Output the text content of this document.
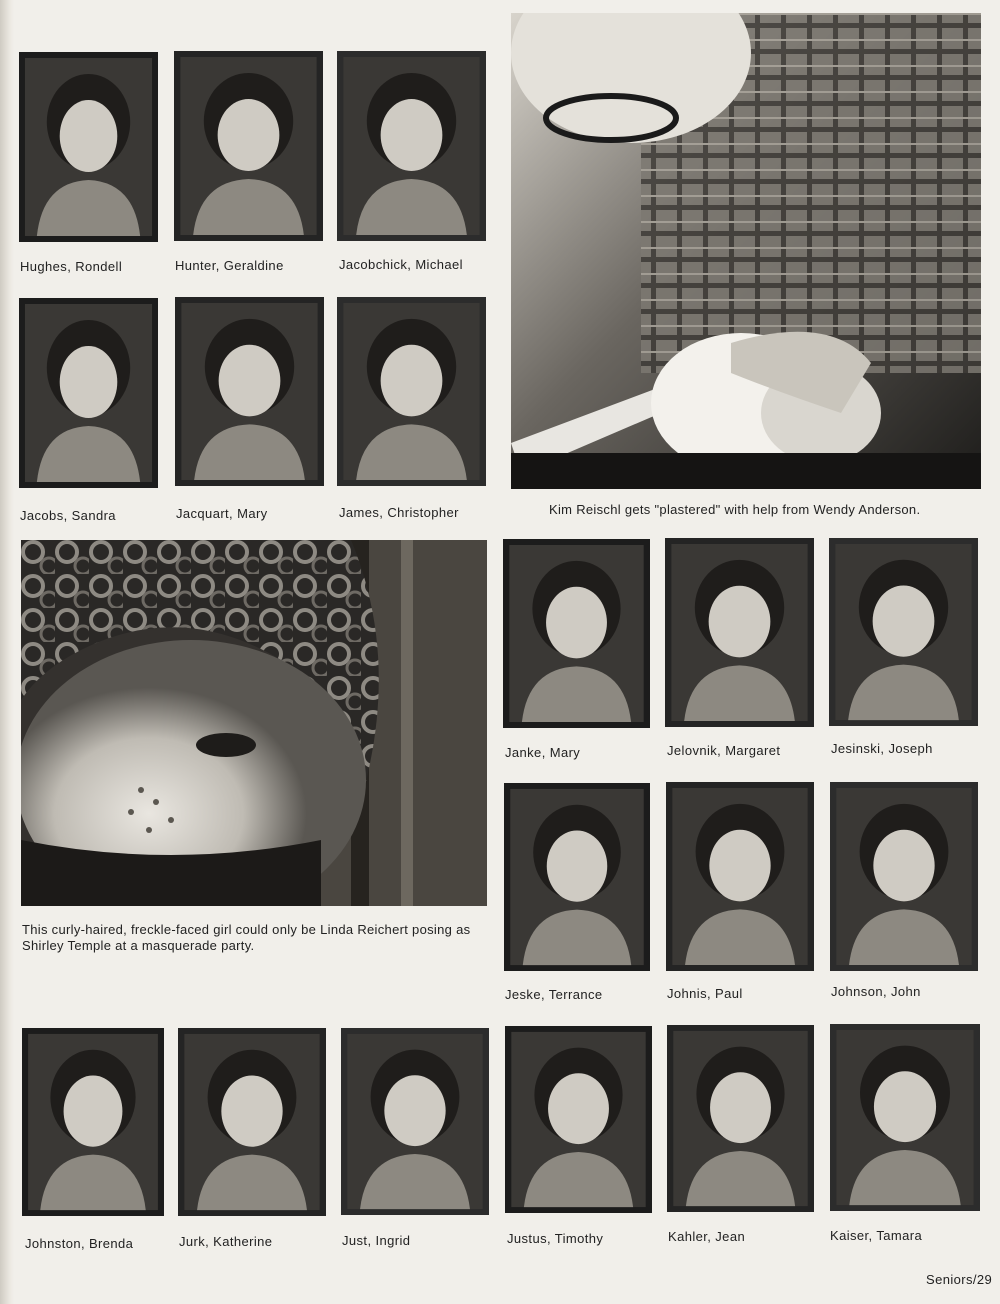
Hughes, Rondell	Hunter, Geraldine	Jacobchick, Michael
Jacobs, Sandra	Jacquart, Mary	James, Christopher	Kim Reischl gets "plastered" with help from Wendy Anderson.
This curly-haired, freckle-faced girl could only be Linda Reichert posing as Shirley Temple at a masquerade party.
Janke, Mary	Jelovnik, Margaret	Jesinski, Joseph
Jeske, Terrance	Johnis, Paul	Johnson, John
Johnston, Brenda	Jurk, Katherine	Just, Ingrid	Justus, Timothy	Kahler, Jean	Kaiser, Tamara
Seniors/29
